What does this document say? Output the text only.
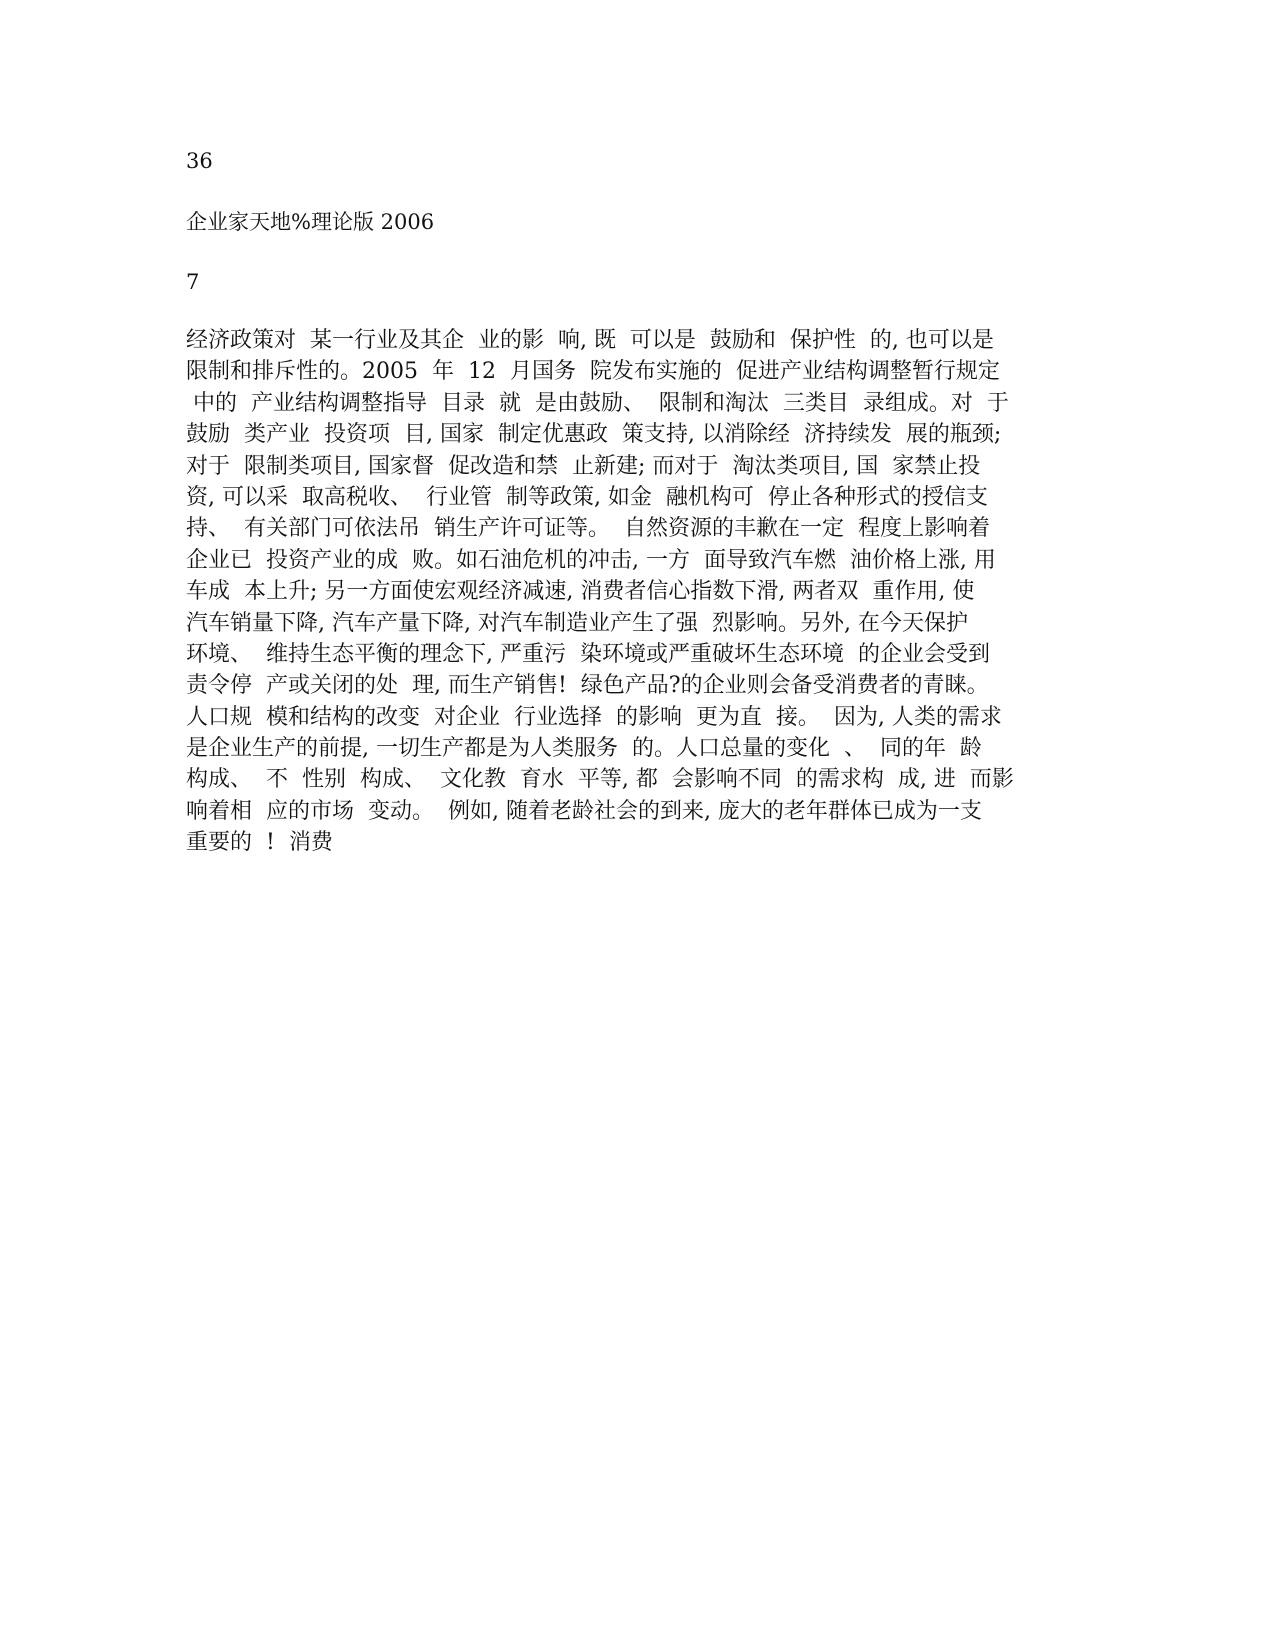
36
企业家天地%理论版 2006
7
经济政策对  某一行业及其企  业的影  响, 既  可以是  鼓励和  保护性  的, 也可以是
限制和排斥性的。2005  年  12  月国务  院发布实施的  促进产业结构调整暂行规定
中的  产业结构调整指导  目录  就  是由鼓励、  限制和淘汰  三类目  录组成。对  于
鼓励  类产业  投资项  目, 国家  制定优惠政  策支持, 以消除经  济持续发  展的瓶颈;
对于  限制类项目, 国家督  促改造和禁  止新建; 而对于  淘汰类项目, 国  家禁止投
资, 可以采  取高税收、  行业管  制等政策, 如金  融机构可  停止各种形式的授信支
持、  有关部门可依法吊  销生产许可证等。  自然资源的丰歉在一定  程度上影响着
企业已  投资产业的成  败。如石油危机的冲击, 一方  面导致汽车燃  油价格上涨, 用
车成  本上升; 另一方面使宏观经济减速, 消费者信心指数下滑, 两者双  重作用, 使
汽车销量下降, 汽车产量下降, 对汽车制造业产生了强  烈影响。另外, 在今天保护
环境、  维持生态平衡的理念下, 严重污  染环境或严重破坏生态环境  的企业会受到
责令停  产或关闭的处  理, 而生产销售!  绿色产品?的企业则会备受消费者的青睐。
人口规  模和结构的改变  对企业  行业选择  的影响  更为直  接。  因为, 人类的需求
是企业生产的前提, 一切生产都是为人类服务  的。人口总量的变化  、  同的年  龄
构成、  不  性别  构成、  文化教  育水  平等, 都  会影响不同  的需求构  成, 进  而影
响着相  应的市场  变动。  例如, 随着老龄社会的到来, 庞大的老年群体已成为一支
重要的  !  消费
